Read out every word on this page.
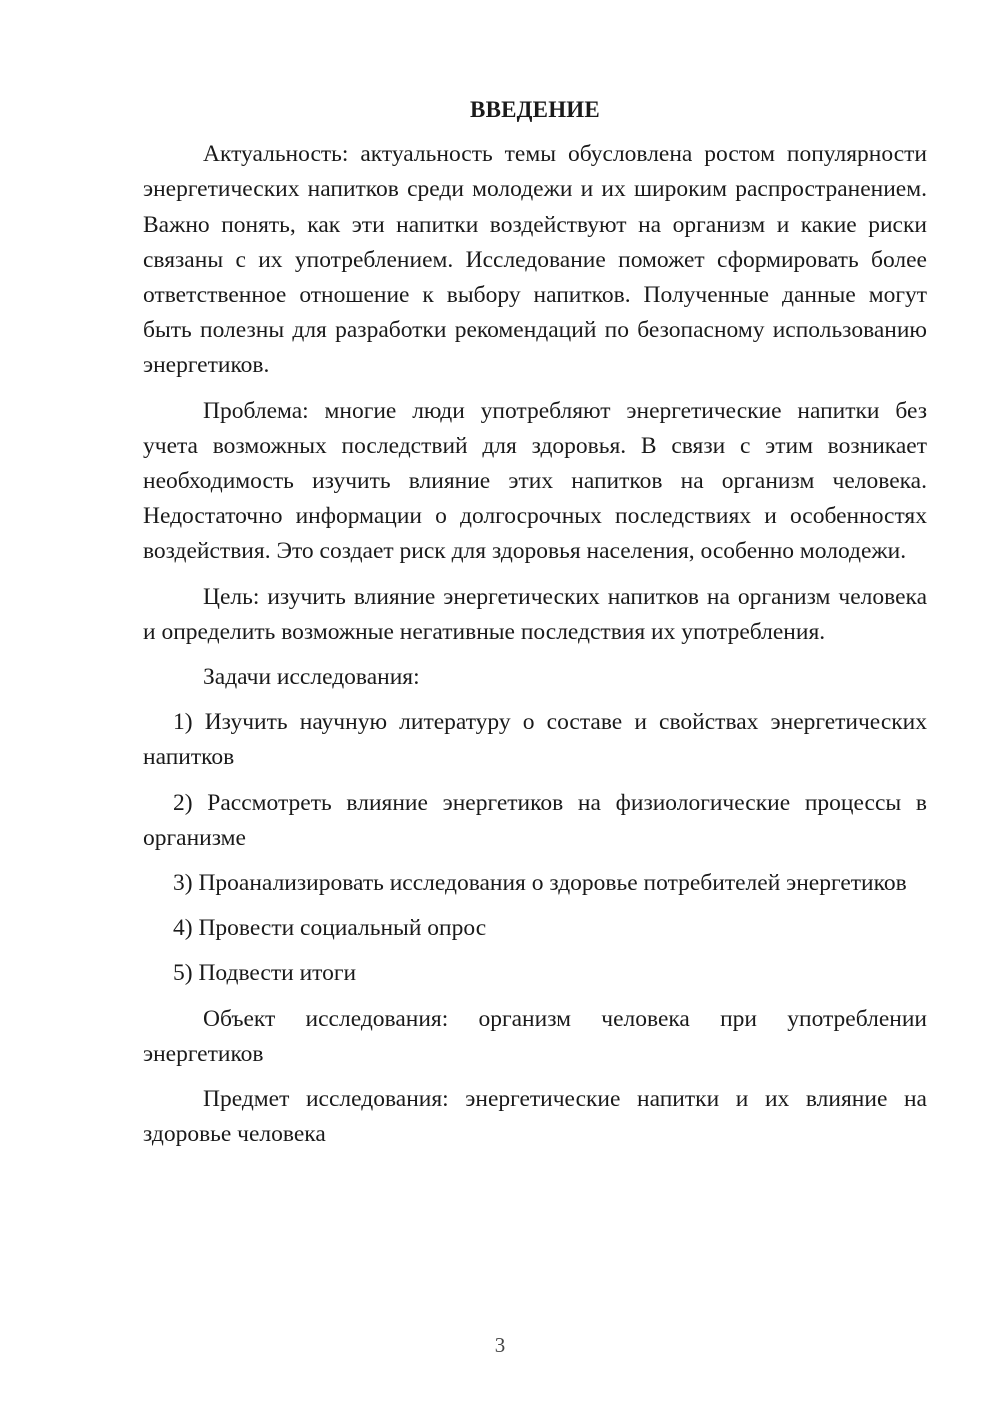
ВВЕДЕНИЕ

Актуальность: актуальность темы обусловлена ростом популярности энергетических напитков среди молодежи и их широким распространением. Важно понять, как эти напитки воздействуют на организм и какие риски связаны с их употреблением. Исследование поможет сформировать более ответственное отношение к выбору напитков. Полученные данные могут быть полезны для разработки рекомендаций по безопасному использованию энергетиков.

Проблема: многие люди употребляют энергетические напитки без учета возможных последствий для здоровья. В связи с этим возникает необходимость изучить влияние этих напитков на организм человека. Недостаточно информации о долгосрочных последствиях и особенностях воздействия. Это создает риск для здоровья населения, особенно молодежи.

Цель: изучить влияние энергетических напитков на организм человека и определить возможные негативные последствия их употребления.

Задачи исследования:

1) Изучить научную литературу о составе и свойствах энергетических напитков

2) Рассмотреть влияние энергетиков на физиологические процессы в организме

3) Проанализировать исследования о здоровье потребителей энергетиков

4) Провести социальный опрос

5) Подвести итоги

Объект исследования: организм человека при употреблении энергетиков

Предмет исследования: энергетические напитки и их влияние на здоровье человека

3
